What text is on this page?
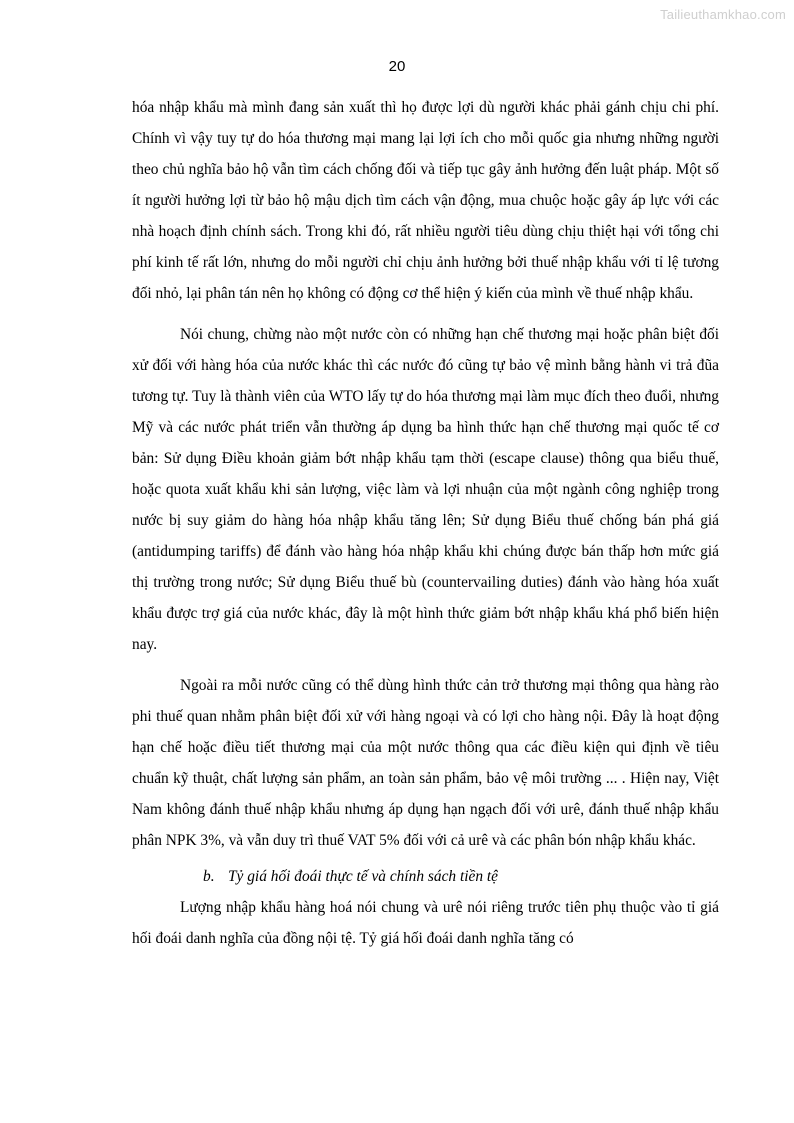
Tailieuthamkhao.com
20

hóa nhập khẩu mà mình đang sản xuất thì họ được lợi dù người khác phải gánh chịu chi phí. Chính vì vậy tuy tự do hóa thương mại mang lại lợi ích cho mỗi quốc gia nhưng những người theo chủ nghĩa bảo hộ vẫn tìm cách chống đối và tiếp tục gây ảnh hưởng đến luật pháp. Một số ít người hưởng lợi từ bảo hộ mậu dịch tìm cách vận động, mua chuộc hoặc gây áp lực với các nhà hoạch định chính sách. Trong khi đó, rất nhiều người tiêu dùng chịu thiệt hại với tổng chi phí kinh tế rất lớn, nhưng do mỗi người chỉ chịu ảnh hưởng bởi thuế nhập khẩu với tỉ lệ tương đối nhỏ, lại phân tán nên họ không có động cơ thể hiện ý kiến của mình về thuế nhập khẩu.

Nói chung, chừng nào một nước còn có những hạn chế thương mại hoặc phân biệt đối xử đối với hàng hóa của nước khác thì các nước đó cũng tự bảo vệ mình bằng hành vi trả đũa tương tự. Tuy là thành viên của WTO lấy tự do hóa thương mại làm mục đích theo đuổi, nhưng Mỹ và các nước phát triển vẫn thường áp dụng ba hình thức hạn chế thương mại quốc tế cơ bản: Sử dụng Điều khoản giảm bớt nhập khẩu tạm thời (escape clause) thông qua biểu thuế, hoặc quota xuất khẩu khi sản lượng, việc làm và lợi nhuận của một ngành công nghiệp trong nước bị suy giảm do hàng hóa nhập khẩu tăng lên; Sử dụng Biểu thuế chống bán phá giá (antidumping tariffs) để đánh vào hàng hóa nhập khẩu khi chúng được bán thấp hơn mức giá thị trường trong nước; Sử dụng Biểu thuế bù (countervailing duties) đánh vào hàng hóa xuất khẩu được trợ giá của nước khác, đây là một hình thức giảm bớt nhập khẩu khá phổ biến hiện nay.

Ngoài ra mỗi nước cũng có thể dùng hình thức cản trở thương mại thông qua hàng rào phi thuế quan nhằm phân biệt đối xử với hàng ngoại và có lợi cho hàng nội. Đây là hoạt động hạn chế hoặc điều tiết thương mại của một nước thông qua các điều kiện qui định về tiêu chuẩn kỹ thuật, chất lượng sản phẩm, an toàn sản phẩm, bảo vệ môi trường ... . Hiện nay, Việt Nam không đánh thuế nhập khẩu nhưng áp dụng hạn ngạch đối với urê, đánh thuế nhập khẩu phân NPK 3%, và vẫn duy trì thuế VAT 5% đối với cả urê và các phân bón nhập khẩu khác.

b. Tỷ giá hối đoái thực tế và chính sách tiền tệ

Lượng nhập khẩu hàng hoá nói chung và urê nói riêng trước tiên phụ thuộc vào tỉ giá hối đoái danh nghĩa của đồng nội tệ. Tỷ giá hối đoái danh nghĩa tăng có
